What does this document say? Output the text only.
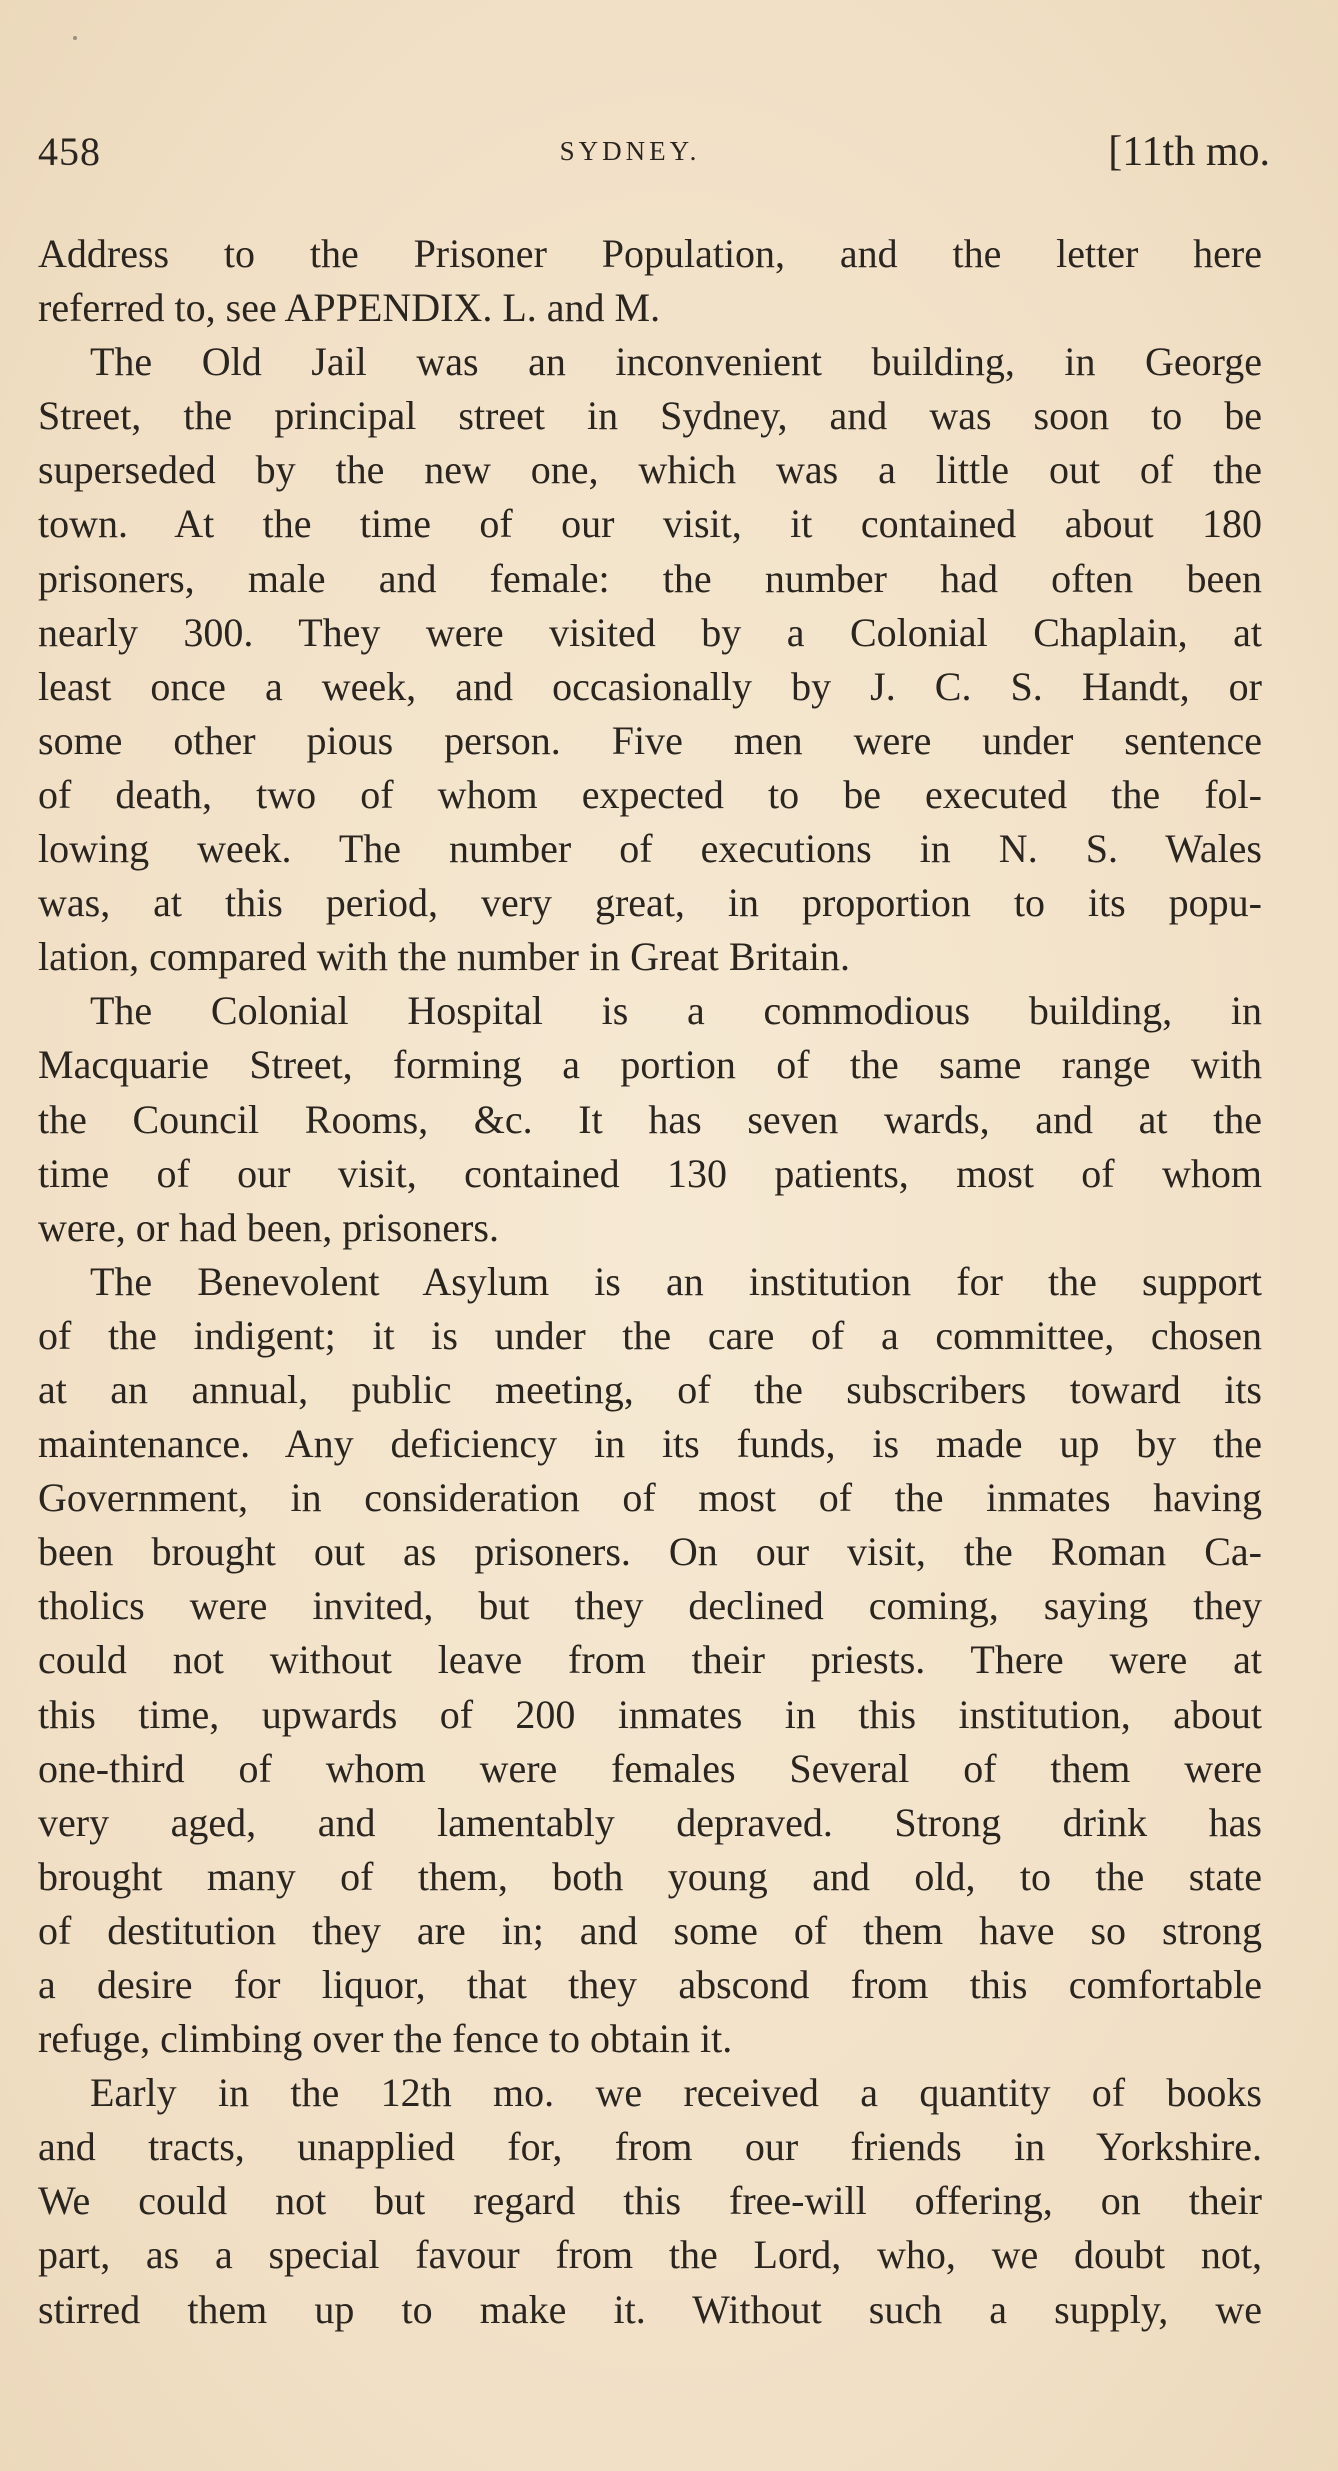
458	SYDNEY.	[11th mo.
Address to the Prisoner Population, and the letter here
referred to, see APPENDIX. L. and M.
The Old Jail was an inconvenient building, in George
Street, the principal street in Sydney, and was soon to be
superseded by the new one, which was a little out of the
town. At the time of our visit, it contained about 180
prisoners, male and female: the number had often been
nearly 300. They were visited by a Colonial Chaplain, at
least once a week, and occasionally by J. C. S. Handt, or
some other pious person. Five men were under sentence
of death, two of whom expected to be executed the fol-
lowing week. The number of executions in N. S. Wales
was, at this period, very great, in proportion to its popu-
lation, compared with the number in Great Britain.
The Colonial Hospital is a commodious building, in
Macquarie Street, forming a portion of the same range with
the Council Rooms, &c. It has seven wards, and at the
time of our visit, contained 130 patients, most of whom
were, or had been, prisoners.
The Benevolent Asylum is an institution for the support
of the indigent; it is under the care of a committee, chosen
at an annual, public meeting, of the subscribers toward its
maintenance. Any deficiency in its funds, is made up by the
Government, in consideration of most of the inmates having
been brought out as prisoners. On our visit, the Roman Ca-
tholics were invited, but they declined coming, saying they
could not without leave from their priests. There were at
this time, upwards of 200 inmates in this institution, about
one-third of whom were females Several of them were
very aged, and lamentably depraved. Strong drink has
brought many of them, both young and old, to the state
of destitution they are in; and some of them have so strong
a desire for liquor, that they abscond from this comfortable
refuge, climbing over the fence to obtain it.
Early in the 12th mo. we received a quantity of books
and tracts, unapplied for, from our friends in Yorkshire.
We could not but regard this free-will offering, on their
part, as a special favour from the Lord, who, we doubt not,
stirred them up to make it. Without such a supply, we
